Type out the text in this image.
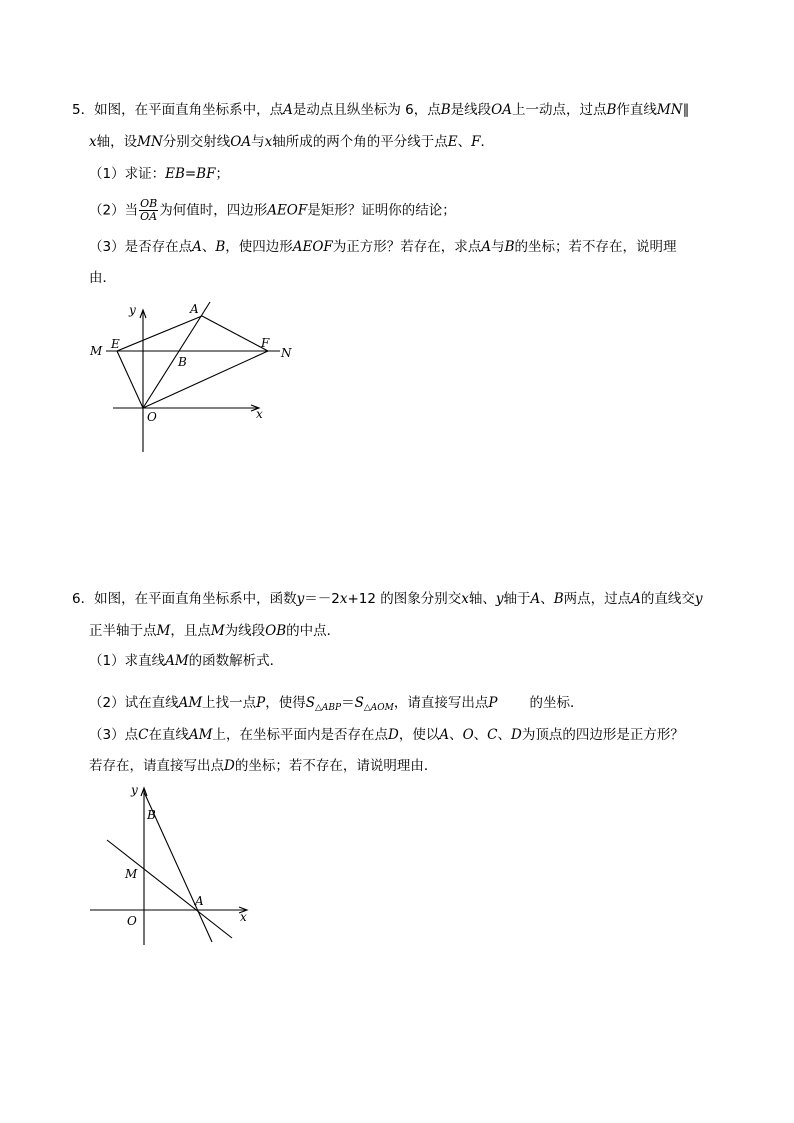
5．如图，在平面直角坐标系中，点A是动点且纵坐标为 6，点B是线段OA上一动点，过点B作直线MN∥
x轴，设MN分别交射线OA与x轴所成的两个角的平分线于点E、F．
（1）求证：EB=BF；
（2）当 $\frac{OB}{OA}$ 为何值时，四边形AEOF是矩形？证明你的结论；
（3）是否存在点A、B，使四边形AEOF为正方形？若存在，求点A与B的坐标；若不存在，说明理
由．
y	A
M E	F
N
B
O	x
6．如图，在平面直角坐标系中，函数y＝－2x+12 的图象分别交x轴、y轴于A、B两点，过点A的直线交y
正半轴于点M，且点M为线段OB的中点．
（1）求直线AM的函数解析式．
（2）试在直线AM上找一点P，使得$S_{\triangle ABP}=S_{\triangle AOM}$，请直接写出点P 的坐标．
（3）点C在直线AM上，在坐标平面内是否存在点D，使以A、O、C、D为顶点的四边形是正方形？
若存在，请直接写出点D的坐标；若不存在，请说明理由．
y
B
M
A
O	x
